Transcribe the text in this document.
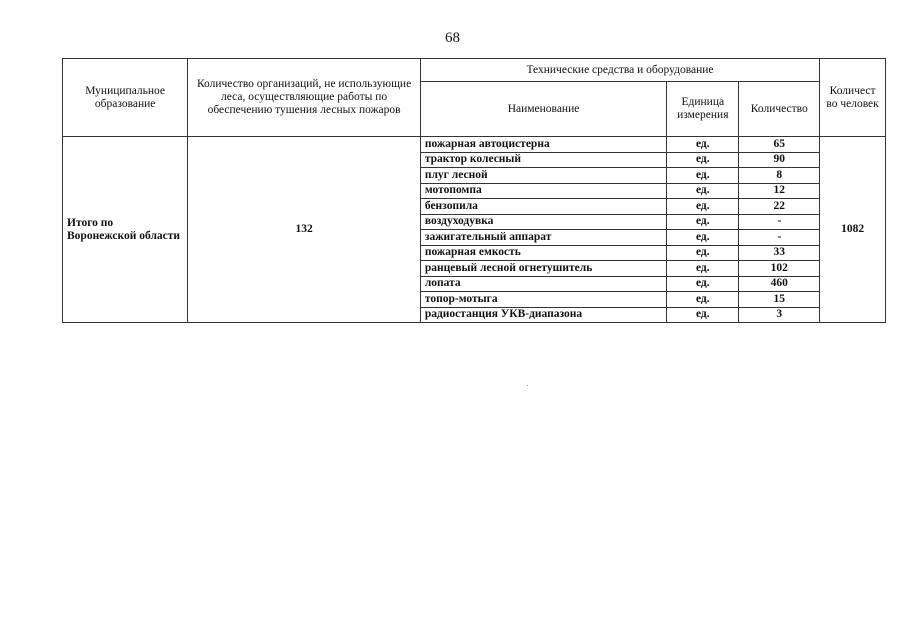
68
Муниципальное образование	Количество организаций, не использующие леса, осуществляющие работы по обеспечению тушения лесных пожаров	Технические средства и оборудование			Количест во человек
		Наименование	Единица измерения	Количество	
Итого по Воронежской области	132	пожарная автоцистерна	ед.	65	1082
		трактор колесный	ед.	90	
		плуг лесной	ед.	8	
		мотопомпа	ед.	12	
		бензопила	ед.	22	
		воздуходувка	ед.	-	
		зажигательный аппарат	ед.	-	
		пожарная емкость	ед.	33	
		ранцевый лесной огнетушитель	ед.	102	
		лопата	ед.	460	
		топор-мотыга	ед.	15	
		радиостанция УКВ-диапазона	ед.	3	
